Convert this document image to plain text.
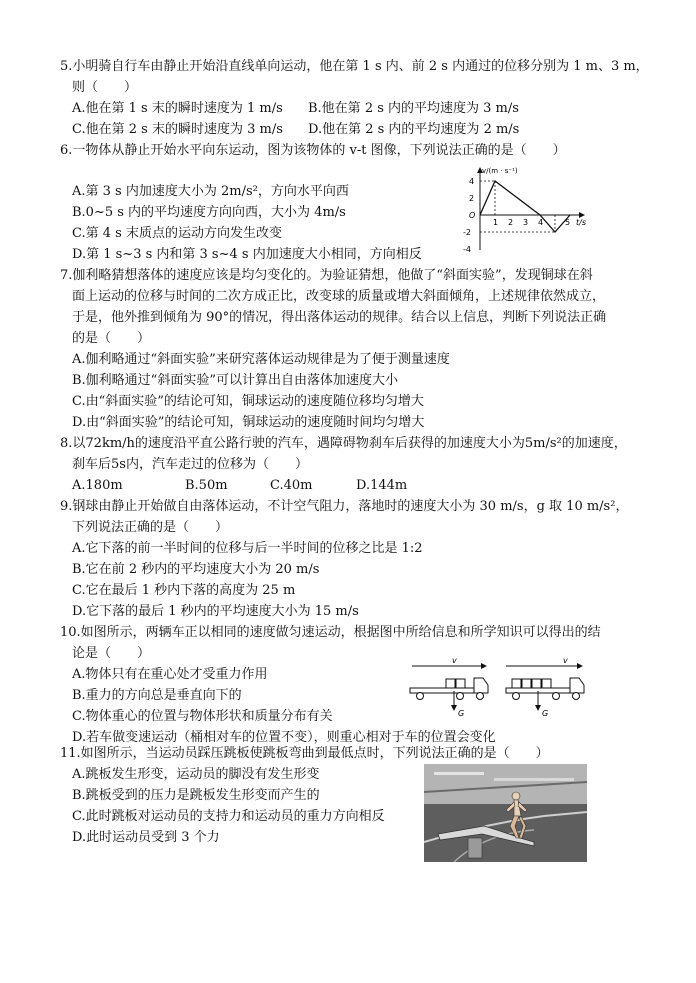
5.小明骑自行车由静止开始沿直线单向运动，他在第 1 s 内、前 2 s 内通过的位移分别为 1 m、3 m，
则（　　）
A.他在第 1 s 末的瞬时速度为 1 m/s B.他在第 2 s 内的平均速度为 3 m/s
C.他在第 2 s 末的瞬时速度为 3 m/s D.他在第 2 s 内的平均速度为 2 m/s
6.一物体从静止开始水平向东运动，图为该物体的 v-t 图像，下列说法正确的是（　　）
A.第 3 s 内加速度大小为 2m/s²，方向水平向西
B.0~5 s 内的平均速度方向向西，大小为 4m/s
C.第 4 s 末质点的运动方向发生改变
D.第 1 s~3 s 内和第 3 s~4 s 内加速度大小相同，方向相反
v/(m · s⁻¹)
t/s
4
2
O
-2
-4
1 2 3 4	5
7.伽利略猜想落体的速度应该是均匀变化的。为验证猜想，他做了“斜面实验”，发现铜球在斜
面上运动的位移与时间的二次方成正比，改变球的质量或增大斜面倾角，上述规律依然成立，
于是，他外推到倾角为 90°的情况，得出落体运动的规律。结合以上信息，判断下列说法正确
的是（　　）
A.伽利略通过“斜面实验”来研究落体运动规律是为了便于测量速度
B.伽利略通过“斜面实验”可以计算出自由落体加速度大小
C.由“斜面实验”的结论可知，铜球运动的速度随位移均匀增大
D.由“斜面实验”的结论可知，铜球运动的速度随时间均匀增大
8.以72km/h的速度沿平直公路行驶的汽车，遇障碍物刹车后获得的加速度大小为5m/s²的加速度，
刹车后5s内，汽车走过的位移为（　　）
A.180m	B.50m	C.40m	D.144m
9.钢球由静止开始做自由落体运动，不计空气阻力，落地时的速度大小为 30 m/s，g 取 10 m/s²，
下列说法正确的是（　　）
A.它下落的前一半时间的位移与后一半时间的位移之比是 1:2
B.它在前 2 秒内的平均速度大小为 20 m/s
C.它在最后 1 秒内下落的高度为 25 m
D.它下落的最后 1 秒内的平均速度大小为 15 m/s
10.如图所示，两辆车正以相同的速度做匀速运动，根据图中所给信息和所学知识可以得出的结
论是（　　）
A.物体只有在重心处才受重力作用
B.重力的方向总是垂直向下的
C.物体重心的位置与物体形状和质量分布有关
D.若车做变速运动（桶相对车的位置不变），则重心相对于车的位置会变化
v
G
v
G
11.如图所示，当运动员踩压跳板使跳板弯曲到最低点时，下列说法正确的是（　　）
A.跳板发生形变，运动员的脚没有发生形变
B.跳板受到的压力是跳板发生形变而产生的
C.此时跳板对运动员的支持力和运动员的重力方向相反
D.此时运动员受到 3 个力
